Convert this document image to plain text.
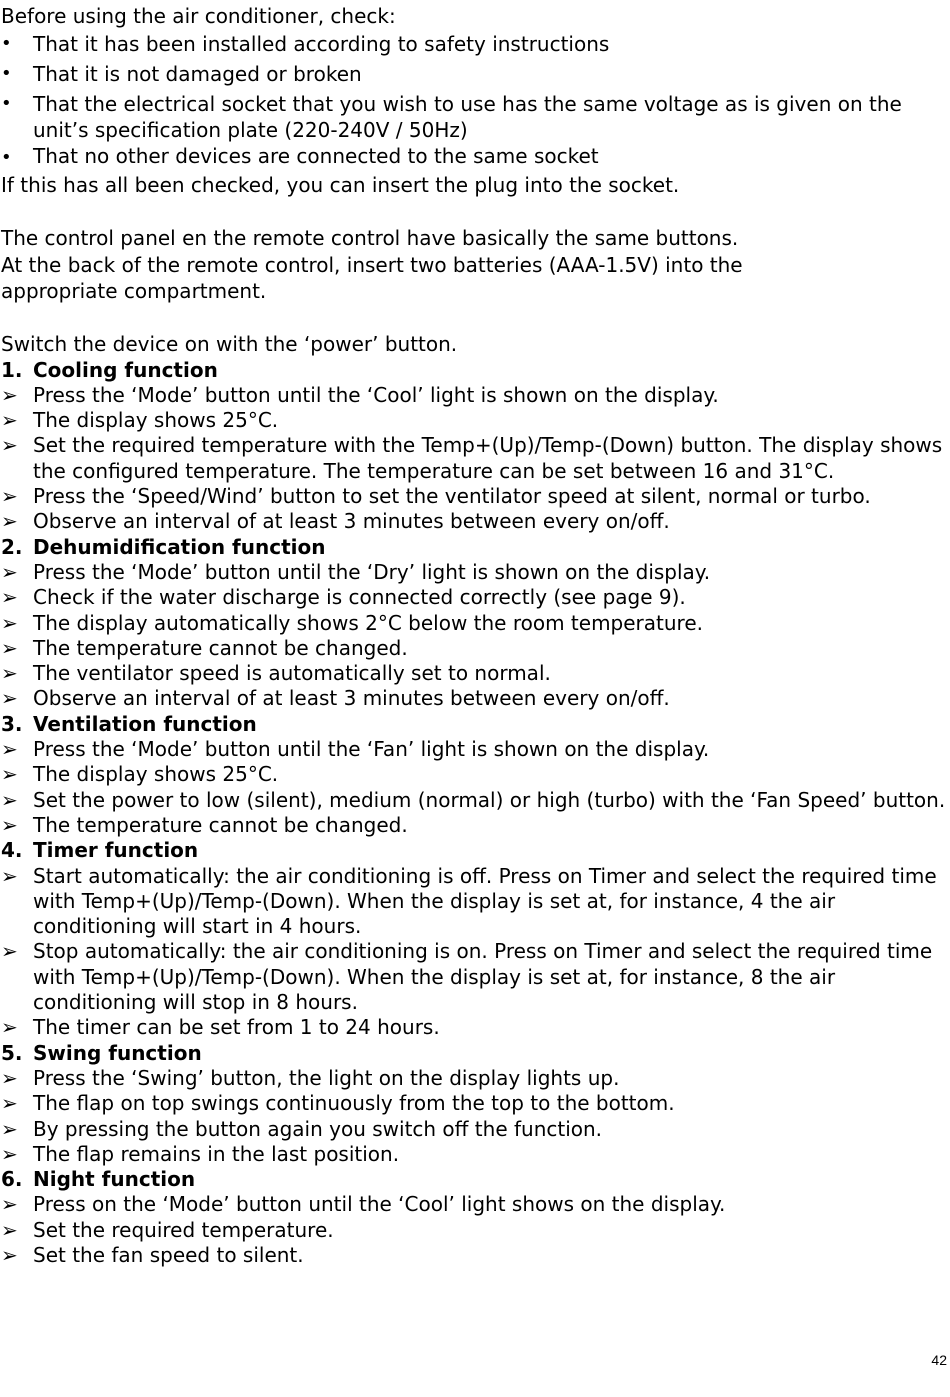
Before using the air conditioner, check:
•	That it has been installed according to safety instructions
•	That it is not damaged or broken
•	That the electrical socket that you wish to use has the same voltage as is given on the unit’s specification plate (220-240V / 50Hz)
•	That no other devices are connected to the same socket
If this has all been checked, you can insert the plug into the socket.
The control panel en the remote control have basically the same buttons.
At the back of the remote control, insert two batteries (AAA-1.5V) into the
appropriate compartment.
Switch the device on with the ‘power’ button.
1. Cooling function
➢ Press the ‘Mode’ button until the ‘Cool’ light is shown on the display.
➢ The display shows 25°C.
➢ Set the required temperature with the Temp+(Up)/Temp-(Down) button. The display shows the configured temperature. The temperature can be set between 16 and 31°C.
➢ Press the ‘Speed/Wind’ button to set the ventilator speed at silent, normal or turbo.
➢ Observe an interval of at least 3 minutes between every on/off.
2. Dehumidification function
➢ Press the ‘Mode’ button until the ‘Dry’ light is shown on the display.
➢ Check if the water discharge is connected correctly (see page 9).
➢ The display automatically shows 2°C below the room temperature.
➢ The temperature cannot be changed.
➢ The ventilator speed is automatically set to normal.
➢ Observe an interval of at least 3 minutes between every on/off.
3. Ventilation function
➢ Press the ‘Mode’ button until the ‘Fan’ light is shown on the display.
➢ The display shows 25°C.
➢ Set the power to low (silent), medium (normal) or high (turbo) with the ‘Fan Speed’ button.
➢ The temperature cannot be changed.
4. Timer function
➢ Start automatically: the air conditioning is off. Press on Timer and select the required time with Temp+(Up)/Temp-(Down). When the display is set at, for instance, 4 the air conditioning will start in 4 hours.
➢ Stop automatically: the air conditioning is on. Press on Timer and select the required time with Temp+(Up)/Temp-(Down). When the display is set at, for instance, 8 the air conditioning will stop in 8 hours.
➢ The timer can be set from 1 to 24 hours.
5. Swing function
➢ Press the ‘Swing’ button, the light on the display lights up.
➢ The flap on top swings continuously from the top to the bottom.
➢ By pressing the button again you switch off the function.
➢ The flap remains in the last position.
6. Night function
➢ Press on the ‘Mode’ button until the ‘Cool’ light shows on the display.
➢ Set the required temperature.
➢ Set the fan speed to silent.
42
